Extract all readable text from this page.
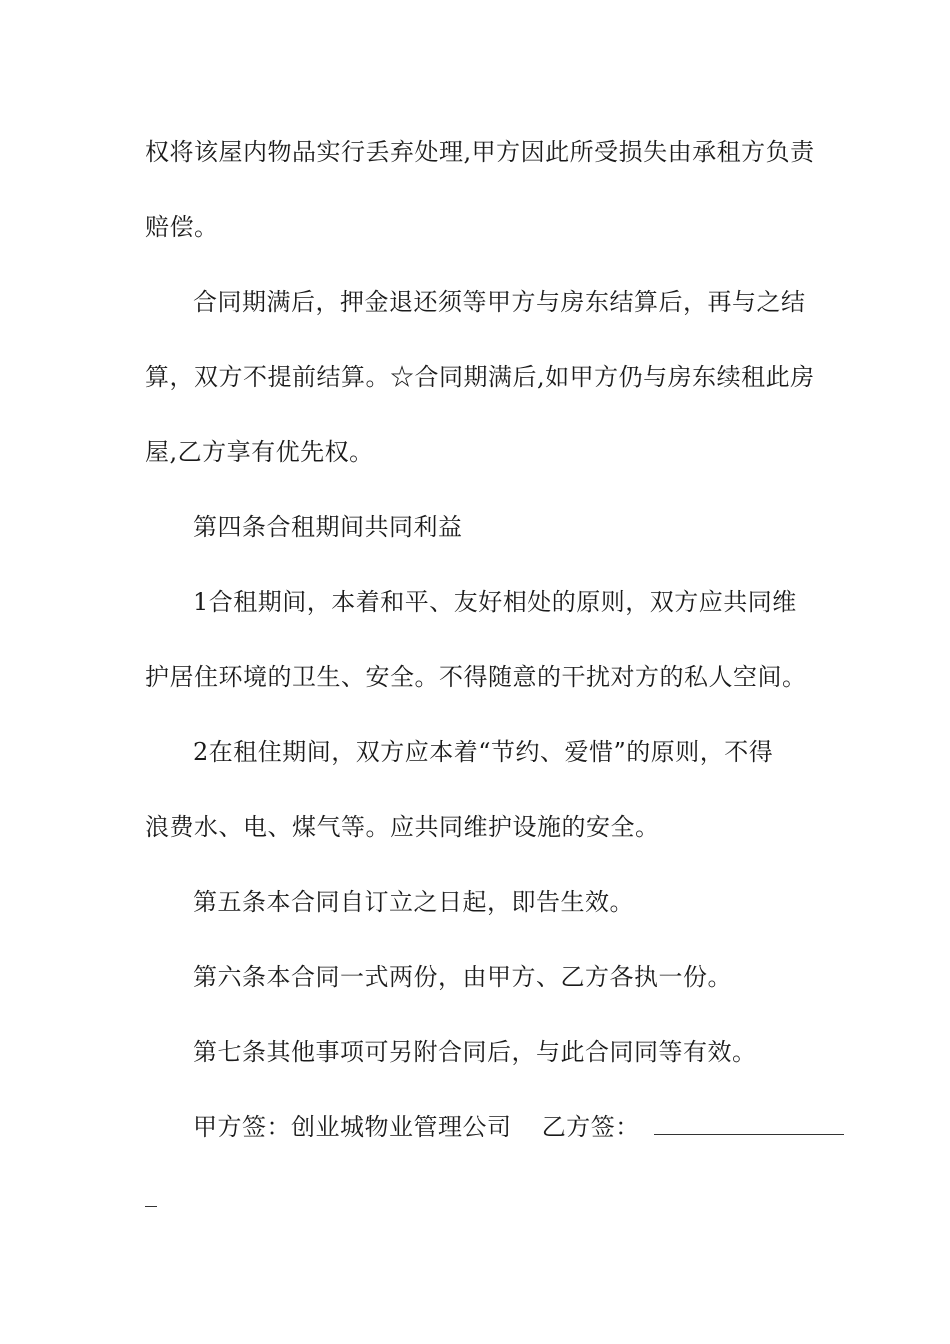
权将该屋内物品实行丢弃处理,甲方因此所受损失由承租方负责
赔偿。
合同期满后，押金退还须等甲方与房东结算后，再与之结
算，双方不提前结算。☆合同期满后,如甲方仍与房东续租此房
屋,乙方享有优先权。
第四条合租期间共同利益
1合租期间，本着和平、友好相处的原则，双方应共同维
护居住环境的卫生、安全。不得随意的干扰对方的私人空间。
2在租住期间，双方应本着“节约、爱惜”的原则，不得
浪费水、电、煤气等。应共同维护设施的安全。
第五条本合同自订立之日起，即告生效。
第六条本合同一式两份，由甲方、乙方各执一份。
第七条其他事项可另附合同后，与此合同同等有效。
甲方签：创业城物业管理公司 乙方签：
